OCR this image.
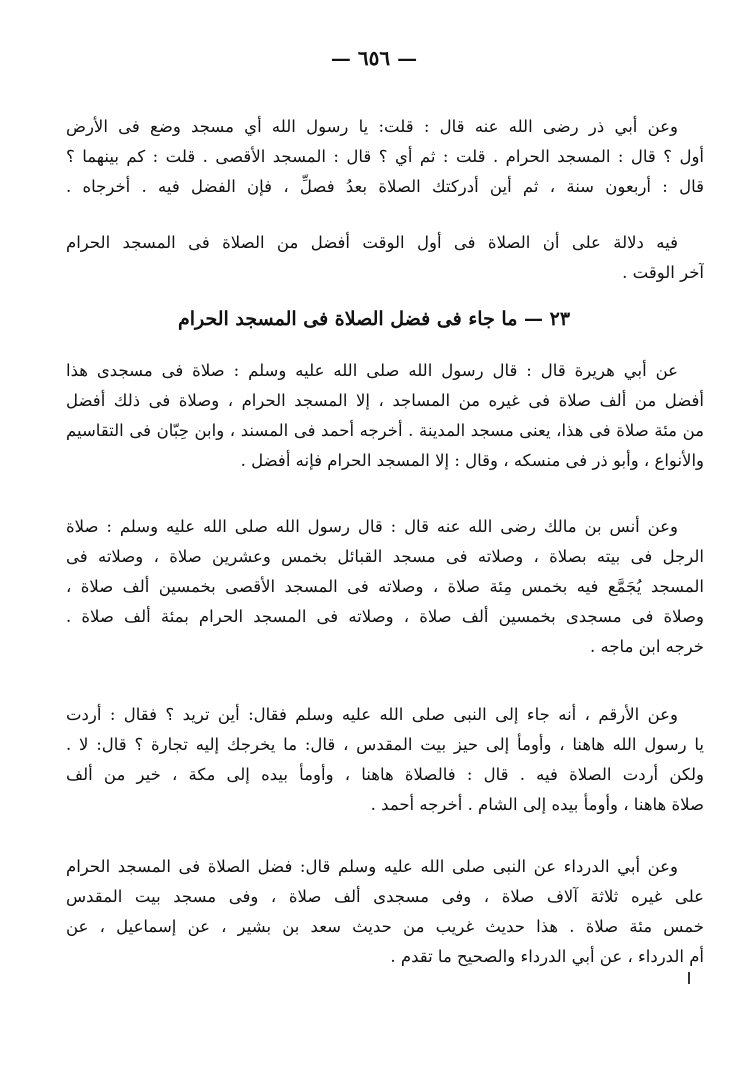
— ٦٥٦ —
وعن أبي ذر رضى الله عنه قال : قلت: يا رسول الله أي مسجد وضع فى الأرض
أول ؟ قال : المسجد الحرام . قلت : ثم أي ؟ قال : المسجد الأقصى . قلت : كم بينهما ؟
قال : أربعون سنة ، ثم أين أدركتك الصلاة بعدُ فصلِّ ، فإن الفضل فيه . أخرجاه .
فيه دلالة على أن الصلاة فى أول الوقت أفضل من الصلاة فى المسجد الحرام
آخر الوقت .
٢٣ — ما جاء فى فضل الصلاة فى المسجد الحرام
عن أبي هريرة قال : قال رسول الله صلى الله عليه وسلم : صلاة فى مسجدى هذا
أفضل من ألف صلاة فى غيره من المساجد ، إلا المسجد الحرام ، وصلاة فى ذلك أفضل
من مئة صلاة فى هذا، يعنى مسجد المدينة . أخرجه أحمد فى المسند ، وابن حِبّان فى التقاسيم
والأنواع ، وأبو ذر فى منسكه ، وقال : إلا المسجد الحرام فإنه أفضل .
وعن أنس بن مالك رضى الله عنه قال : قال رسول الله صلى الله عليه وسلم : صلاة
الرجل فى بيته بصلاة ، وصلاته فى مسجد القبائل بخمس وعشرين صلاة ، وصلاته فى
المسجد يُجَمَّع فيه بخمس مِئة صلاة ، وصلاته فى المسجد الأقصى بخمسين ألف صلاة ،
وصلاة فى مسجدى بخمسين ألف صلاة ، وصلاته فى المسجد الحرام بمئة ألف صلاة .
خرجه ابن ماجه .
وعن الأرقم ، أنه جاء إلى النبى صلى الله عليه وسلم فقال: أين تريد ؟ فقال : أردت
يا رسول الله هاهنا ، وأومأ إلى حيز بيت المقدس ، قال: ما يخرجك إليه تجارة ؟ قال: لا .
ولكن أردت الصلاة فيه . قال : فالصلاة هاهنا ، وأومأ بيده إلى مكة ، خير من ألف
صلاة هاهنا ، وأومأ بيده إلى الشام . أخرجه أحمد .
وعن أبي الدرداء عن النبى صلى الله عليه وسلم قال: فضل الصلاة فى المسجد الحرام
على غيره ثلاثة آلاف صلاة ، وفى مسجدى ألف صلاة ، وفى مسجد بيت المقدس
خمس مئة صلاة . هذا حديث غريب من حديث سعد بن بشير ، عن إسماعيل ، عن
أم الدرداء ، عن أبي الدرداء والصحيح ما تقدم .
